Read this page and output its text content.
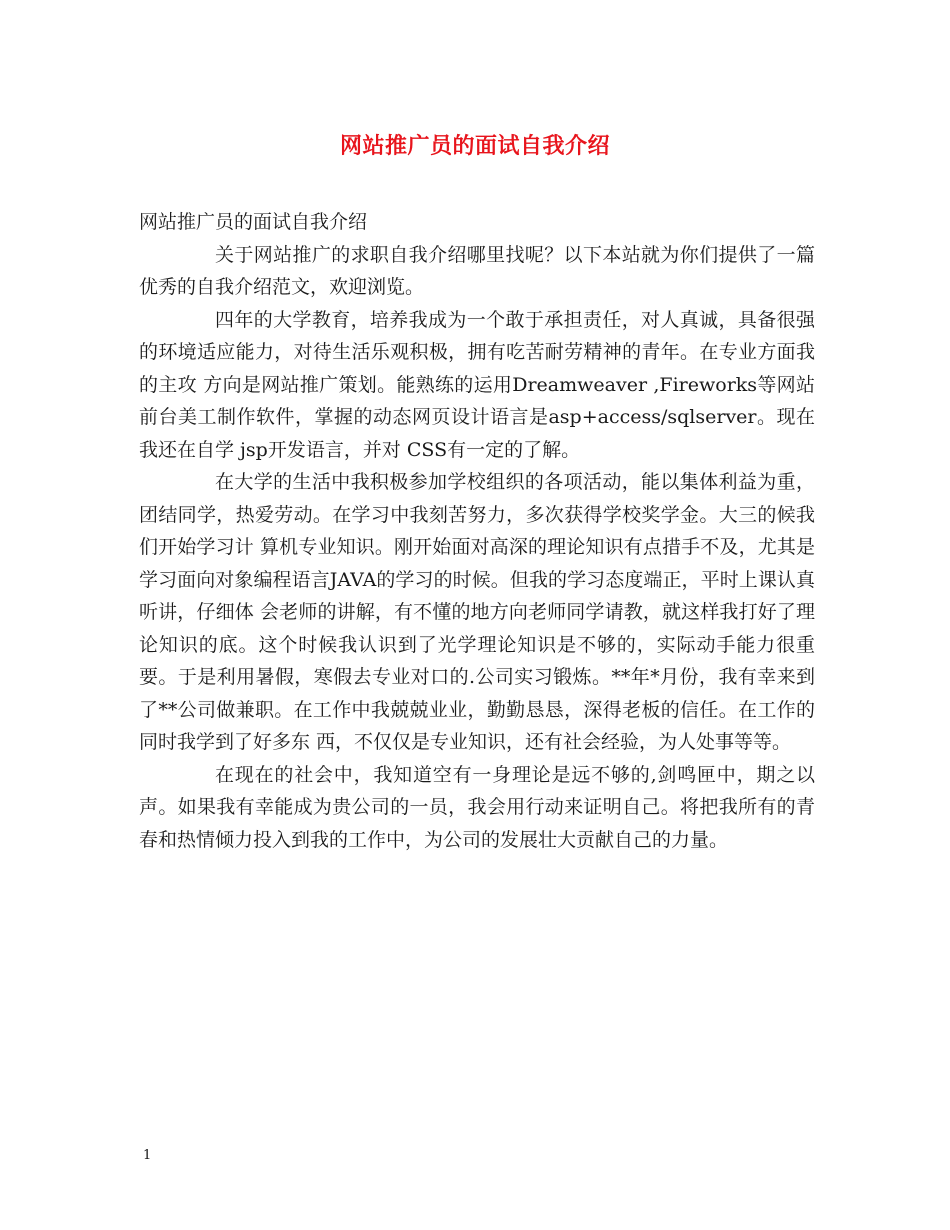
网站推广员的面试自我介绍

网站推广员的面试自我介绍

关于网站推广的求职自我介绍哪里找呢？以下本站就为你们提供了一篇优秀的自我介绍范文，欢迎浏览。

四年的大学教育，培养我成为一个敢于承担责任，对人真诚，具备很强的环境适应能力，对待生活乐观积极，拥有吃苦耐劳精神的青年。在专业方面我的主攻 方向是网站推广策划。能熟练的运用Dreamweaver ,Fireworks等网站前台美工制作软件，掌握的动态网页设计语言是asp+access/sqlserver。现在我还在自学 jsp开发语言，并对 CSS有一定的了解。

在大学的生活中我积极参加学校组织的各项活动，能以集体利益为重，团结同学，热爱劳动。在学习中我刻苦努力，多次获得学校奖学金。大三的候我们开始学习计 算机专业知识。刚开始面对高深的理论知识有点措手不及，尤其是学习面向对象编程语言JAVA的学习的时候。但我的学习态度端正，平时上课认真听讲，仔细体 会老师的讲解，有不懂的地方向老师同学请教，就这样我打好了理论知识的底。这个时候我认识到了光学理论知识是不够的，实际动手能力很重要。于是利用暑假，寒假去专业对口的.公司实习锻炼。**年*月份，我有幸来到了**公司做兼职。在工作中我兢兢业业，勤勤恳恳，深得老板的信任。在工作的同时我学到了好多东 西，不仅仅是专业知识，还有社会经验，为人处事等等。

在现在的社会中，我知道空有一身理论是远不够的,剑鸣匣中，期之以声。如果我有幸能成为贵公司的一员，我会用行动来证明自己。将把我所有的青春和热情倾力投入到我的工作中，为公司的发展壮大贡献自己的力量。

1
